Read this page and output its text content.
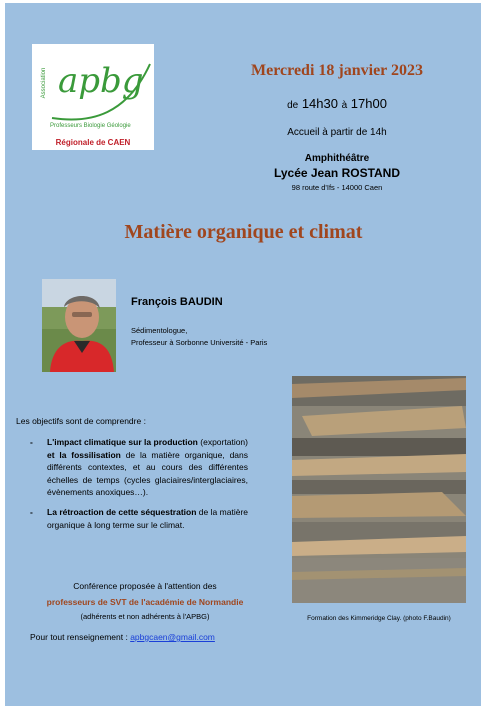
apbg
Association
Professeurs Biologie Géologie
Régionale de CAEN
Mercredi 18 janvier 2023
de 14h30 à 17h00
Accueil à partir de 14h
Amphithéâtre
Lycée Jean ROSTAND
98 route d'Ifs - 14000 Caen
Matière organique et climat
François BAUDIN
Sédimentologue,
Professeur à Sorbonne Université - Paris
Les objectifs sont de comprendre :
- L'impact climatique sur la production (exportation) et la fossilisation de la matière organique, dans différents contextes, et au cours des différentes échelles de temps (cycles glaciaires/interglaciaires, évènements anoxiques…).
- La rétroaction de cette séquestration de la matière organique à long terme sur le climat.
Conférence proposée à l'attention des
professeurs de SVT de l'académie de Normandie
(adhérents et non adhérents à l'APBG)
Pour tout renseignement : apbgcaen@gmail.com
Formation des Kimmeridge Clay. (photo F.Baudin)
